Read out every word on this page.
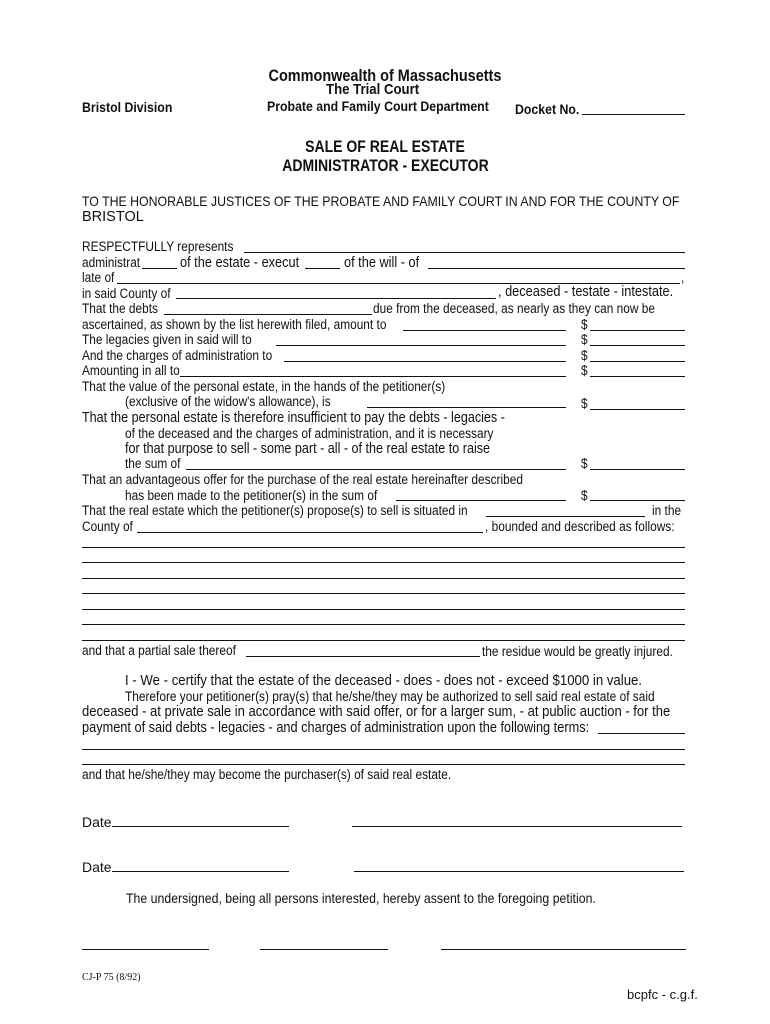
Commonwealth of Massachusetts
The Trial Court
Bristol Division	Probate and Family Court Department Docket No.
SALE OF REAL ESTATE
ADMINISTRATOR - EXECUTOR
TO THE HONORABLE JUSTICES OF THE PROBATE AND FAMILY COURT IN AND FOR THE COUNTY OF
BRISTOL
RESPECTFULLY represents
administrat	of the estate - execut	of the will - of
late of	,
in said County of	, deceased - testate - intestate.
That the debts	due from the deceased, as nearly as they can now be
ascertained, as shown by the list herewith filed, amount to	$
The legacies given in said will to	$
And the charges of administration to	$
Amounting in all to	$
That the value of the personal estate, in the hands of the petitioner(s)
(exclusive of the widow's allowance), is	$
That the personal estate is therefore insufficient to pay the debts - legacies -
of the deceased and the charges of administration, and it is necessary
for that purpose to sell - some part - all - of the real estate to raise
the sum of	$
That an advantageous offer for the purchase of the real estate hereinafter described
has been made to the petitioner(s) in the sum of	$
That the real estate which the petitioner(s) propose(s) to sell is situated in	in the
County of	, bounded and described as follows:
and that a partial sale thereof	the residue would be greatly injured.
I - We - certify that the estate of the deceased - does - does not - exceed $1000 in value.
Therefore your petitioner(s) pray(s) that he/she/they may be authorized to sell said real estate of said
deceased - at private sale in accordance with said offer, or for a larger sum, - at public auction - for the
payment of said debts - legacies - and charges of administration upon the following terms:
and that he/she/they may become the purchaser(s) of said real estate.
Date
Date
The undersigned, being all persons interested, hereby assent to the foregoing petition.
CJ-P 75 (8/92)
bcpfc - c.g.f.
